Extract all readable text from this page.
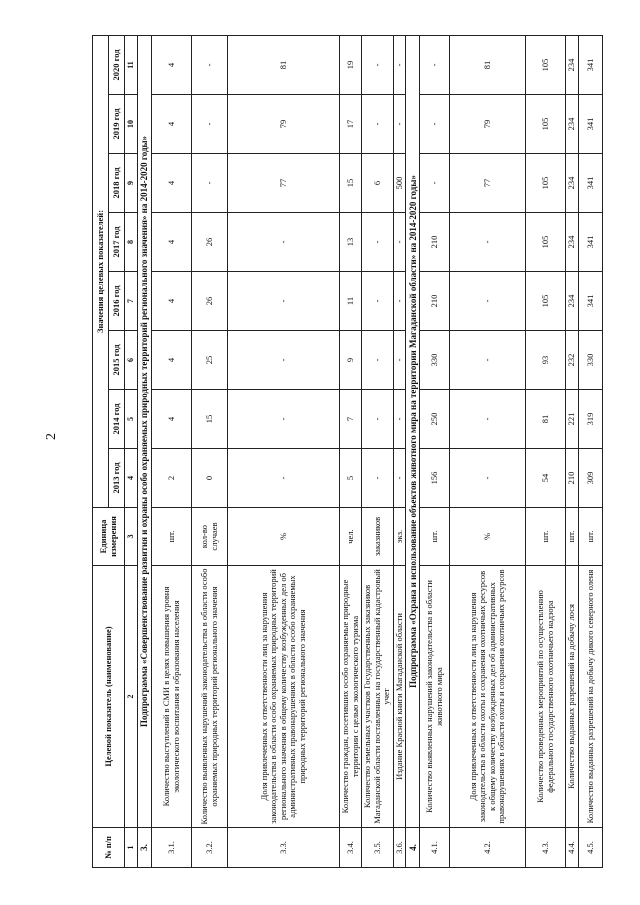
2
№ п/п	Целевой показатель (наименование)	Единица измерения	Значения целевых показателей:							
			2013 год	2014 год	2015 год	2016 год	2017 год	2018 год	2019 год	2020 год
1	2	3	4	5	6	7	8	9	10	11
3.	Подпрограмма «Совершенствование развития и охраны особо охраняемых природных территорий регионального значения» на 2014-2020 годы»									
3.1.	Количество выступлений в СМИ в целях повышения уровня экологического воспитания и образования населения	шт.	2	4	4	4	4	4	4	4
3.2.	Количество выявленных нарушений законодательства в области особо охраняемых природных территорий регионального значения	кол-во случаев	0	15	25	26	26	-	-	-
3.3.	Доля привлеченных к ответственности лиц за нарушения законодательства в области особо охраняемых природных территорий регионального значения в общему количеству возбужденных дел об административных правонарушениях в области особо охраняемых природных территорий регионального значения	%	-	-	-	-	-	77	79	81
3.4.	Количество граждан, посетивших особо охраняемые природные территории с целью экологического туризма	чел.	5	7	9	11	13	15	17	19
3.5.	Количество земельных участков Государственных заказников Магаданской области поставленных на государственный кадастровый учет	заказников	-	-	-	-	-	6	-	-
3.6.	Издание Красной книги Магаданской области	экз.	-	-	-	-	-	500	-	-
4.	Подпрограмма «Охрана и использование объектов животного мира на территории Магаданской области» на 2014-2020 годы»									
4.1.	Количество выявленных нарушений законодательства в области животного мира	шт.	156	250	330	210	210	-	-	-
4.2.	Доля привлеченных к ответственности лиц за нарушения законодательства в области охоты и сохранения охотничьих ресурсов к общему количеству возбужденных дел об административных правонарушениях в области охоты и сохранения охотничьих ресурсов	%	-	-	-	-	-	77	79	81
4.3.	Количество проведенных мероприятий по осуществлению федерального государственного охотничьего надзора	шт.	54	81	93	105	105	105	105	105
4.4.	Количество выданных разрешений на добычу лося	шт.	210	221	232	234	234	234	234	234
4.5.	Количество выданных разрешений на добычу дикого северного оленя	шт.	309	319	330	341	341	341	341	341
